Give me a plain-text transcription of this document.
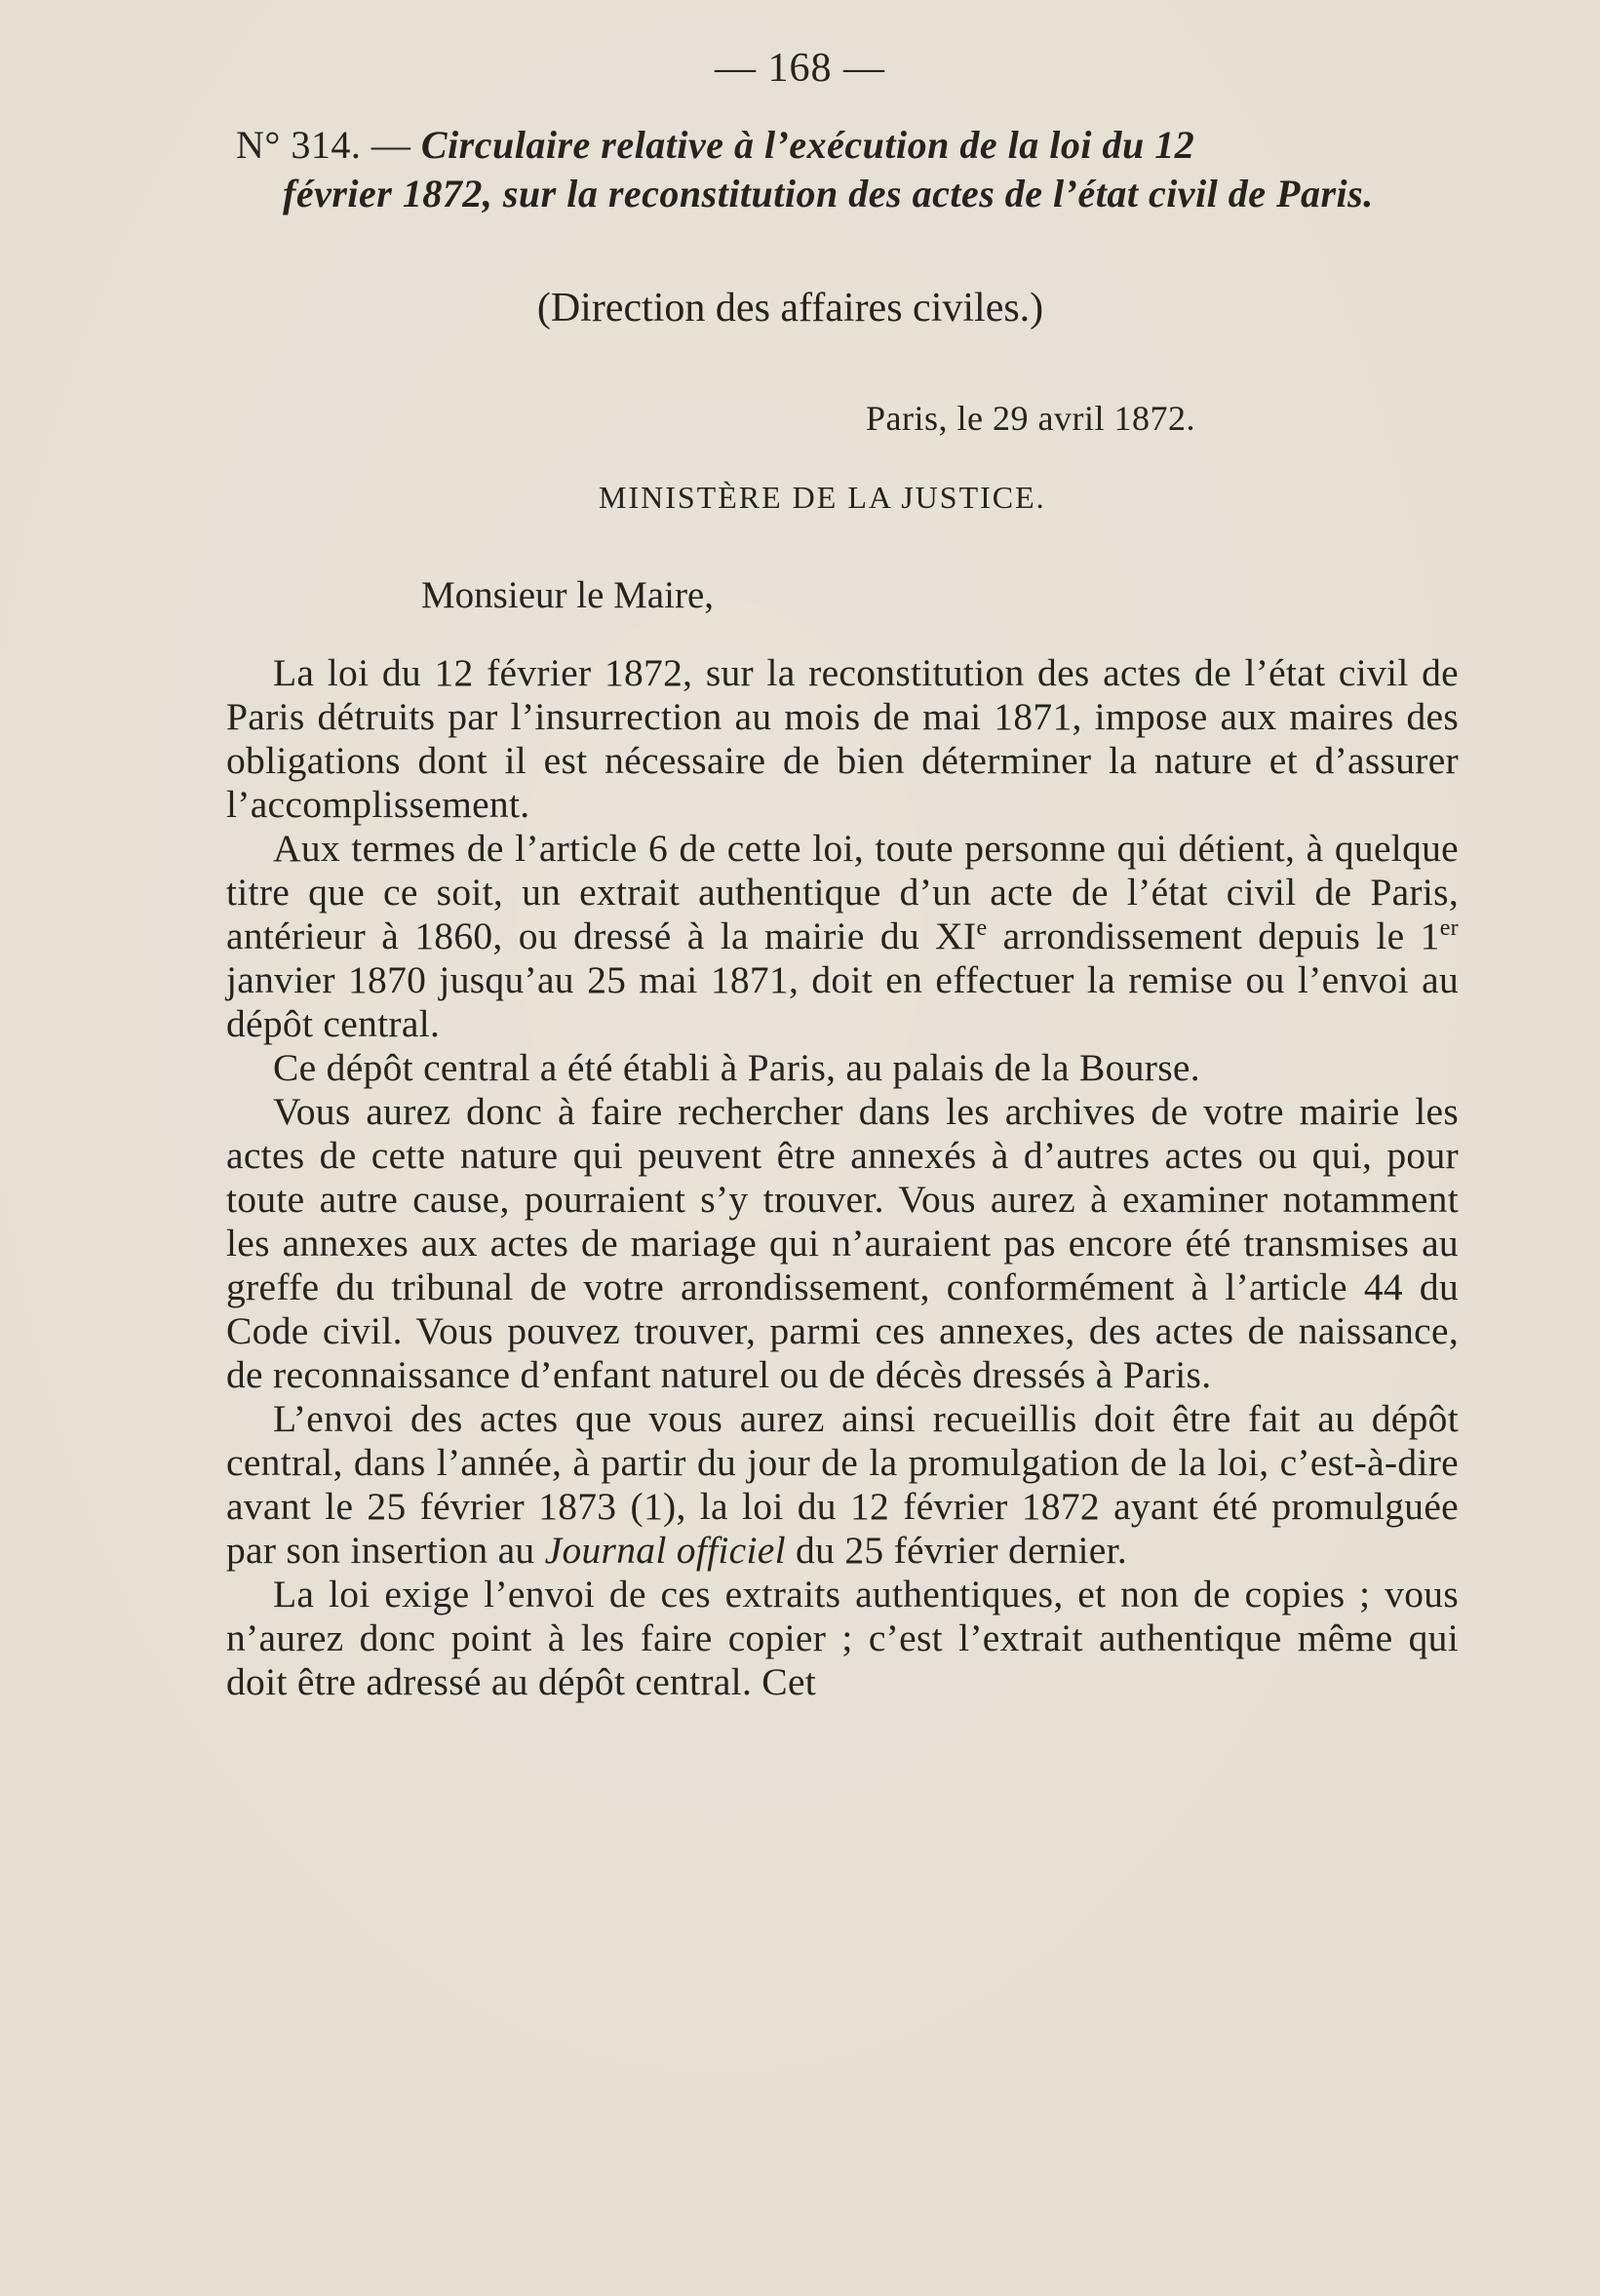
— 168 —
N° 314. — Circulaire relative à l’exécution de la loi du 12
février 1872, sur la reconstitution des actes de l’état civil de Paris.
(Direction des affaires civiles.)
Paris, le 29 avril 1872.
MINISTÈRE DE LA JUSTICE.
Monsieur le Maire,

La loi du 12 février 1872, sur la reconstitution des actes de l’état civil de Paris détruits par l’insurrection au mois de mai 1871, impose aux maires des obligations dont il est nécessaire de bien déterminer la nature et d’assurer l’accomplissement.

Aux termes de l’article 6 de cette loi, toute personne qui détient, à quelque titre que ce soit, un extrait authentique d’un acte de l’état civil de Paris, antérieur à 1860, ou dressé à la mairie du XIe arrondissement depuis le 1er janvier 1870 jusqu’au 25 mai 1871, doit en effectuer la remise ou l’envoi au dépôt central.

Ce dépôt central a été établi à Paris, au palais de la Bourse.

Vous aurez donc à faire rechercher dans les archives de votre mairie les actes de cette nature qui peuvent être annexés à d’autres actes ou qui, pour toute autre cause, pourraient s’y trouver. Vous aurez à examiner notamment les annexes aux actes de mariage qui n’auraient pas encore été transmises au greffe du tribunal de votre arrondissement, conformément à l’article 44 du Code civil. Vous pouvez trouver, parmi ces annexes, des actes de naissance, de reconnaissance d’enfant naturel ou de décès dressés à Paris.

L’envoi des actes que vous aurez ainsi recueillis doit être fait au dépôt central, dans l’année, à partir du jour de la promulgation de la loi, c’est-à-dire avant le 25 février 1873 (1), la loi du 12 février 1872 ayant été promulguée par son insertion au Journal officiel du 25 février dernier.

La loi exige l’envoi de ces extraits authentiques, et non de copies ; vous n’aurez donc point à les faire copier ; c’est l’extrait authentique même qui doit être adressé au dépôt central. Cet
